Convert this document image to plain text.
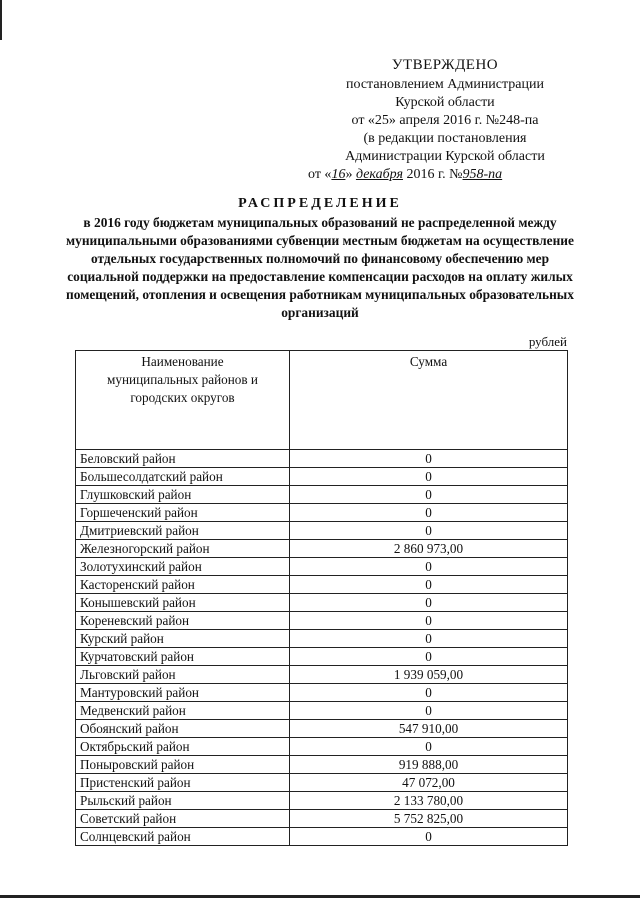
УТВЕРЖДЕНО
постановлением Администрации
Курской области
от «25» апреля 2016 г. №248-па
(в редакции постановления
Администрации Курской области
от «16» декабря 2016 г. №958-па
РАСПРЕДЕЛЕНИЕ
в 2016 году бюджетам муниципальных образований не распределенной между муниципальными образованиями субвенции местным бюджетам на осуществление отдельных государственных полномочий по финансовому обеспечению мер социальной поддержки на предоставление компенсации расходов на оплату жилых помещений, отопления и освещения работникам муниципальных образовательных организаций
рублей
Наименование муниципальных районов и городских округов	Сумма
Беловский район	0
Большесолдатский район	0
Глушковский район	0
Горшеченский район	0
Дмитриевский район	0
Железногорский район	2 860 973,00
Золотухинский район	0
Касторенский район	0
Конышевский район	0
Кореневский район	0
Курский район	0
Курчатовский район	0
Льговский район	1 939 059,00
Мантуровский район	0
Медвенский район	0
Обоянский район	547 910,00
Октябрьский район	0
Поныровский район	919 888,00
Пристенский район	47 072,00
Рыльский район	2 133 780,00
Советский район	5 752 825,00
Солнцевский район	0
